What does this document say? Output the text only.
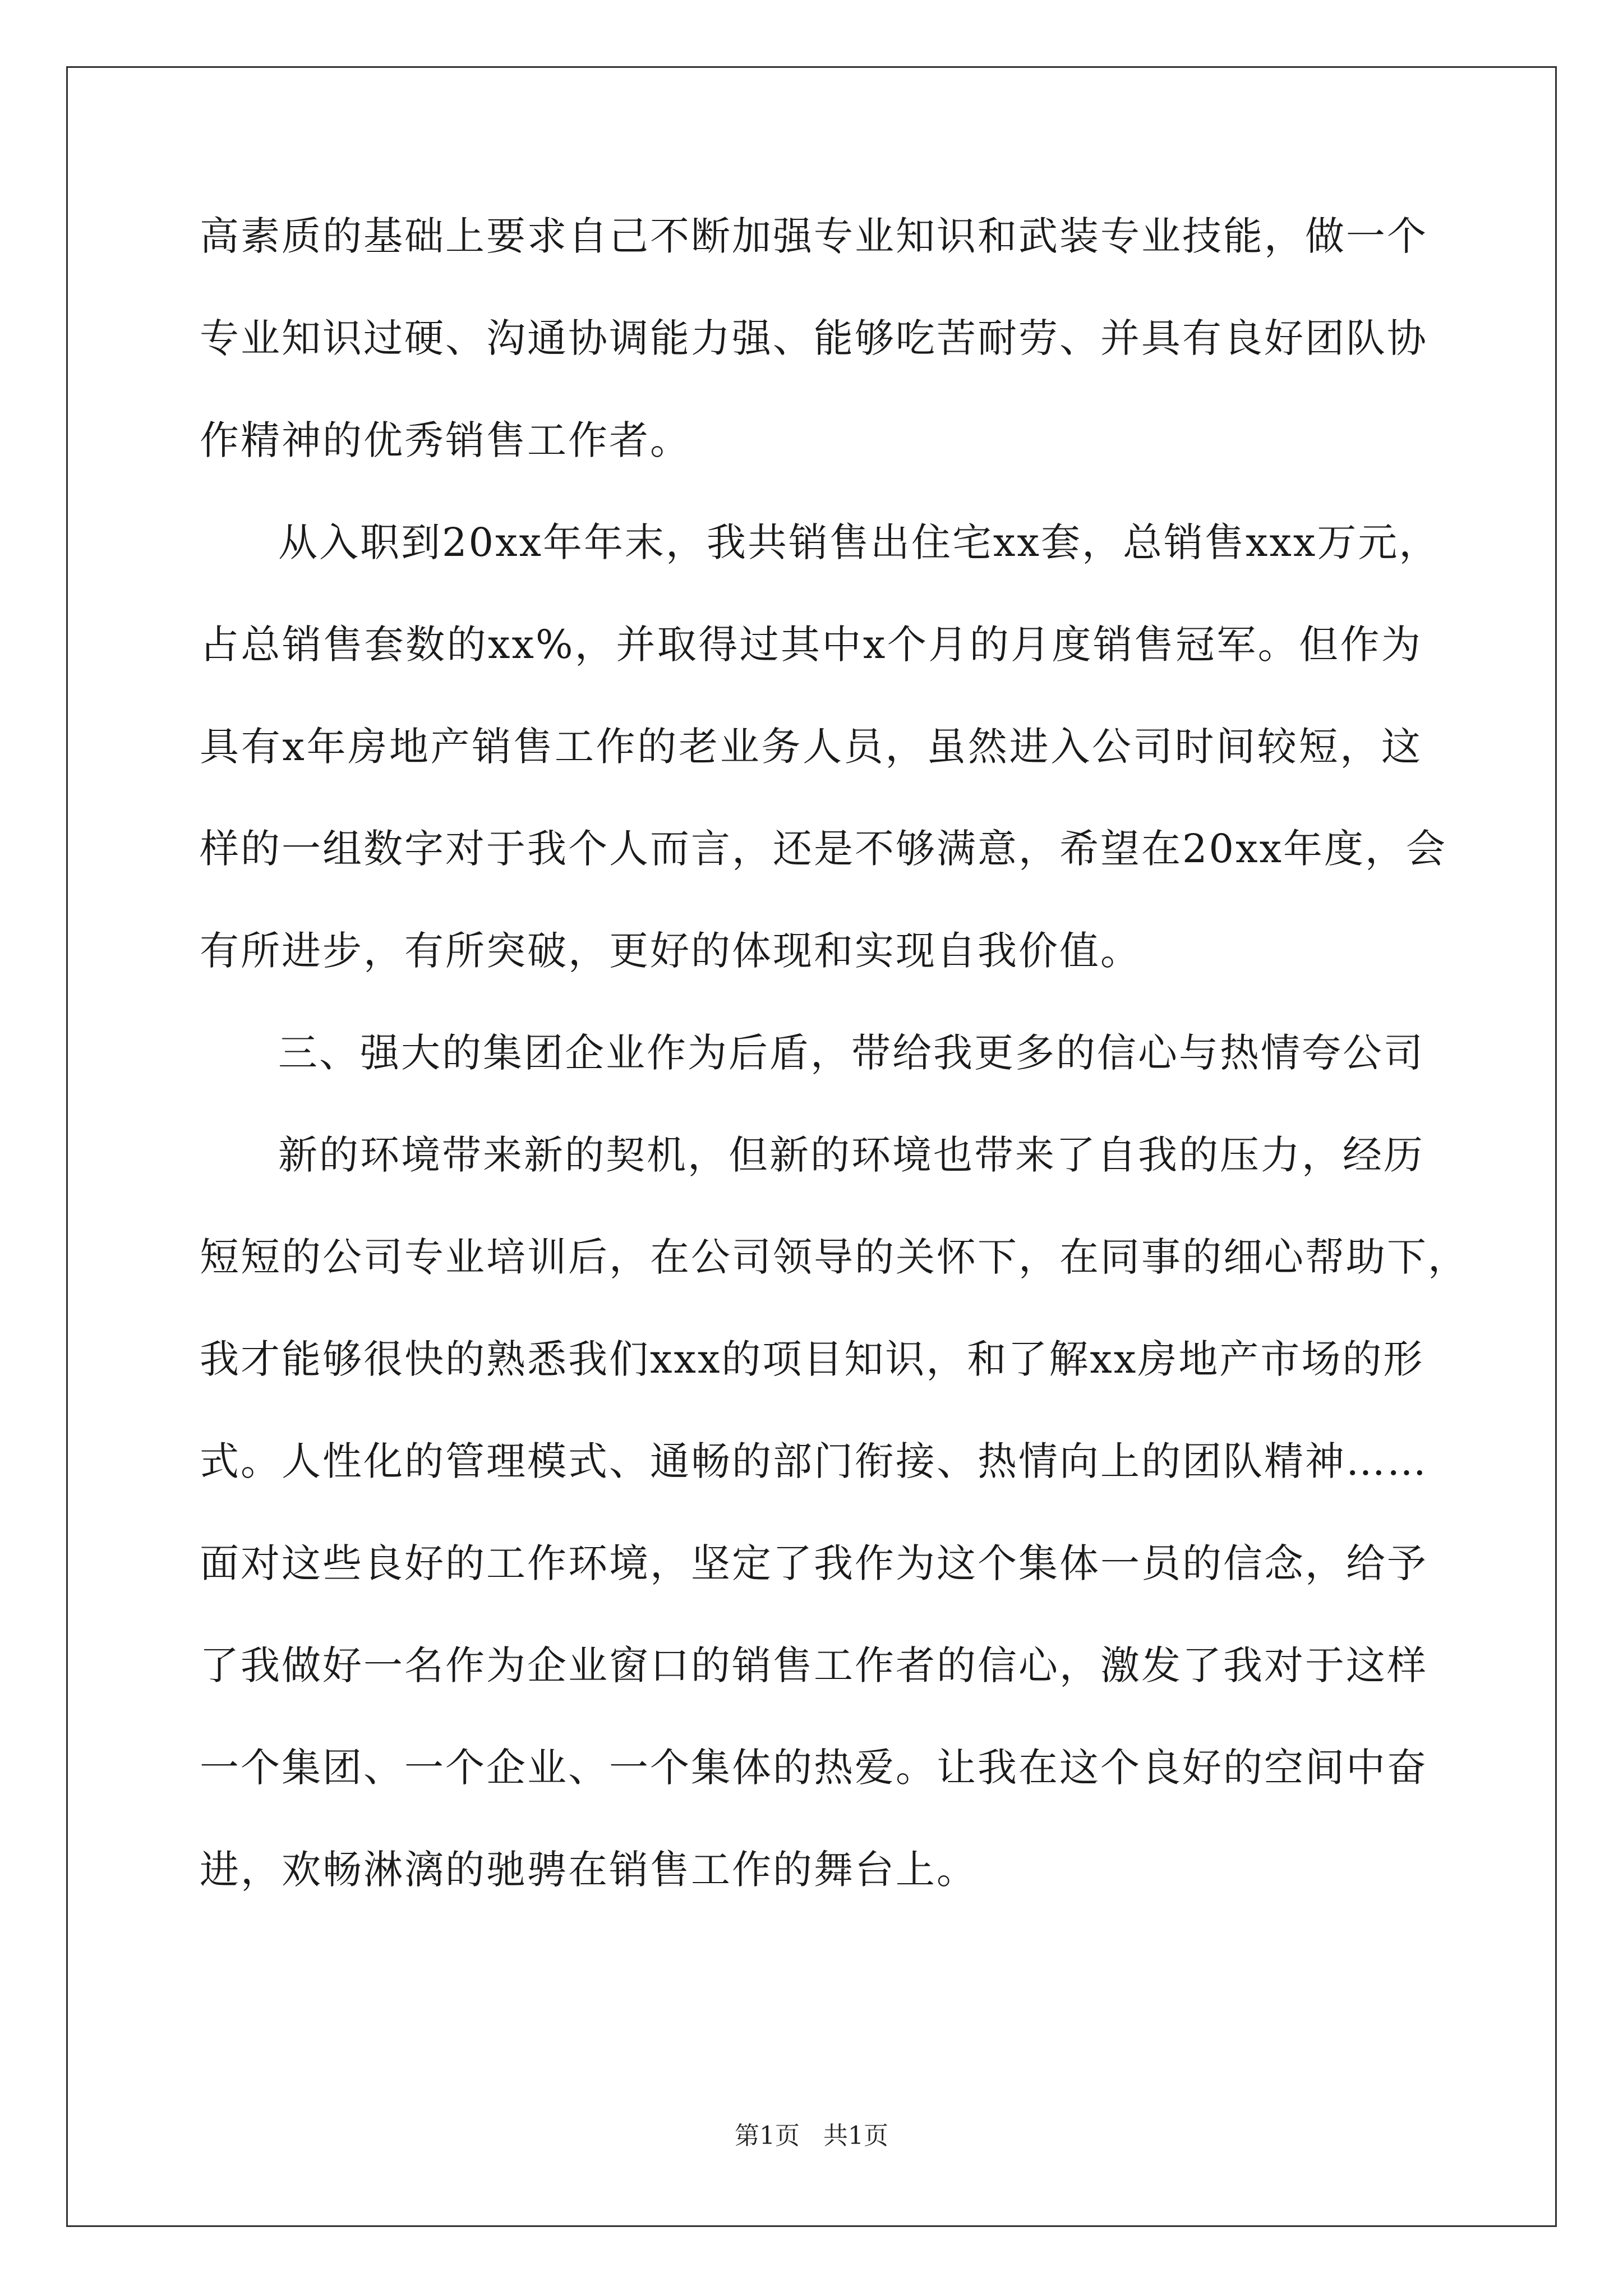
高素质的基础上要求自己不断加强专业知识和武装专业技能，做一个
专业知识过硬、沟通协调能力强、能够吃苦耐劳、并具有良好团队协
作精神的优秀销售工作者。
从入职到20xx年年末，我共销售出住宅xx套，总销售xxx万元，
占总销售套数的xx%，并取得过其中x个月的月度销售冠军。但作为
具有x年房地产销售工作的老业务人员，虽然进入公司时间较短，这
样的一组数字对于我个人而言，还是不够满意，希望在20xx年度，会
有所进步，有所突破，更好的体现和实现自我价值。
三、强大的集团企业作为后盾，带给我更多的信心与热情夸公司
新的环境带来新的契机，但新的环境也带来了自我的压力，经历
短短的公司专业培训后，在公司领导的关怀下，在同事的细心帮助下，
我才能够很快的熟悉我们xxx的项目知识，和了解xx房地产市场的形
式。人性化的管理模式、通畅的部门衔接、热情向上的团队精神……
面对这些良好的工作环境，坚定了我作为这个集体一员的信念，给予
了我做好一名作为企业窗口的销售工作者的信心，激发了我对于这样
一个集团、一个企业、一个集体的热爱。让我在这个良好的空间中奋
进，欢畅淋漓的驰骋在销售工作的舞台上。
第1页 共1页
